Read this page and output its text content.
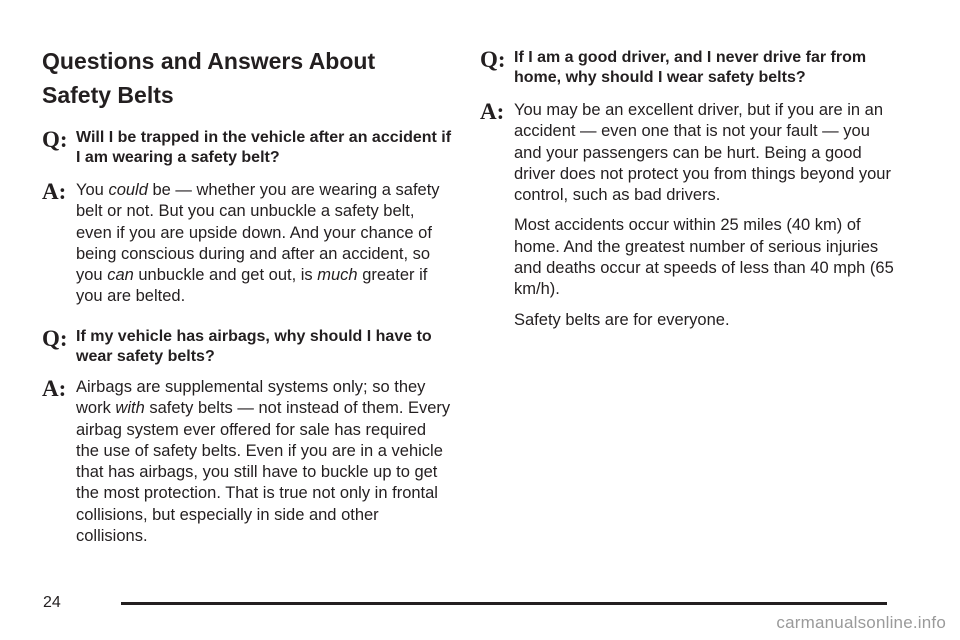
Questions and Answers About Safety Belts
Q: Will I be trapped in the vehicle after an accident if I am wearing a safety belt?
A: You could be — whether you are wearing a safety belt or not. But you can unbuckle a safety belt, even if you are upside down. And your chance of being conscious during and after an accident, so you can unbuckle and get out, is much greater if you are belted.
Q: If my vehicle has airbags, why should I have to wear safety belts?
A: Airbags are supplemental systems only; so they work with safety belts — not instead of them. Every airbag system ever offered for sale has required the use of safety belts. Even if you are in a vehicle that has airbags, you still have to buckle up to get the most protection. That is true not only in frontal collisions, but especially in side and other collisions.
Q: If I am a good driver, and I never drive far from home, why should I wear safety belts?
A: You may be an excellent driver, but if you are in an accident — even one that is not your fault — you and your passengers can be hurt. Being a good driver does not protect you from things beyond your control, such as bad drivers.

Most accidents occur within 25 miles (40 km) of home. And the greatest number of serious injuries and deaths occur at speeds of less than 40 mph (65 km/h).

Safety belts are for everyone.

24
carmanualsonline.info
